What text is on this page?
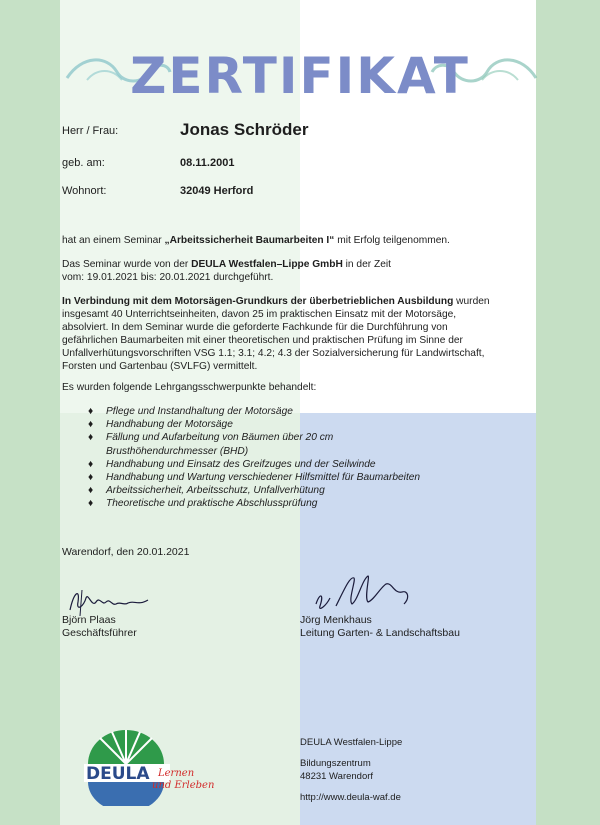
ZERTIFIKAT
Herr / Frau:	Jonas Schröder
geb. am:	08.11.2001
Wohnort:	32049 Herford
hat an einem Seminar „Arbeitssicherheit Baumarbeiten I“ mit Erfolg teilgenommen.
Das Seminar wurde von der DEULA Westfalen–Lippe GmbH in der Zeit
vom: 19.01.2021 bis: 20.01.2021 durchgeführt.
In Verbindung mit dem Motorsägen-Grundkurs der überbetrieblichen Ausbildung wurden
insgesamt 40 Unterrichtseinheiten, davon 25 im praktischen Einsatz mit der Motorsäge,
absolviert. In dem Seminar wurde die geforderte Fachkunde für die Durchführung von
gefährlichen Baumarbeiten mit einer theoretischen und praktischen Prüfung im Sinne der
Unfallverhütungsvorschriften VSG 1.1; 3.1; 4.2; 4.3 der Sozialversicherung für Landwirtschaft,
Forsten und Gartenbau (SVLFG) vermittelt.
Es wurden folgende Lehrgangsschwerpunkte behandelt:
♦ Pflege und Instandhaltung der Motorsäge
♦ Handhabung der Motorsäge
♦ Fällung und Aufarbeitung von Bäumen über 20 cm
Brusthöhendurchmesser (BHD)
♦ Handhabung und Einsatz des Greifzuges und der Seilwinde
♦ Handhabung und Wartung verschiedener Hilfsmittel für Baumarbeiten
♦ Arbeitssicherheit, Arbeitsschutz, Unfallverhütung
♦ Theoretische und praktische Abschlussprüfung
Warendorf, den 20.01.2021
Björn Plaas
Geschäftsführer
Jörg Menkhaus
Leitung Garten- & Landschaftsbau
DEULA Lernen
und Erleben
DEULA Westfalen-Lippe
Bildungszentrum
48231 Warendorf
http://www.deula-waf.de
